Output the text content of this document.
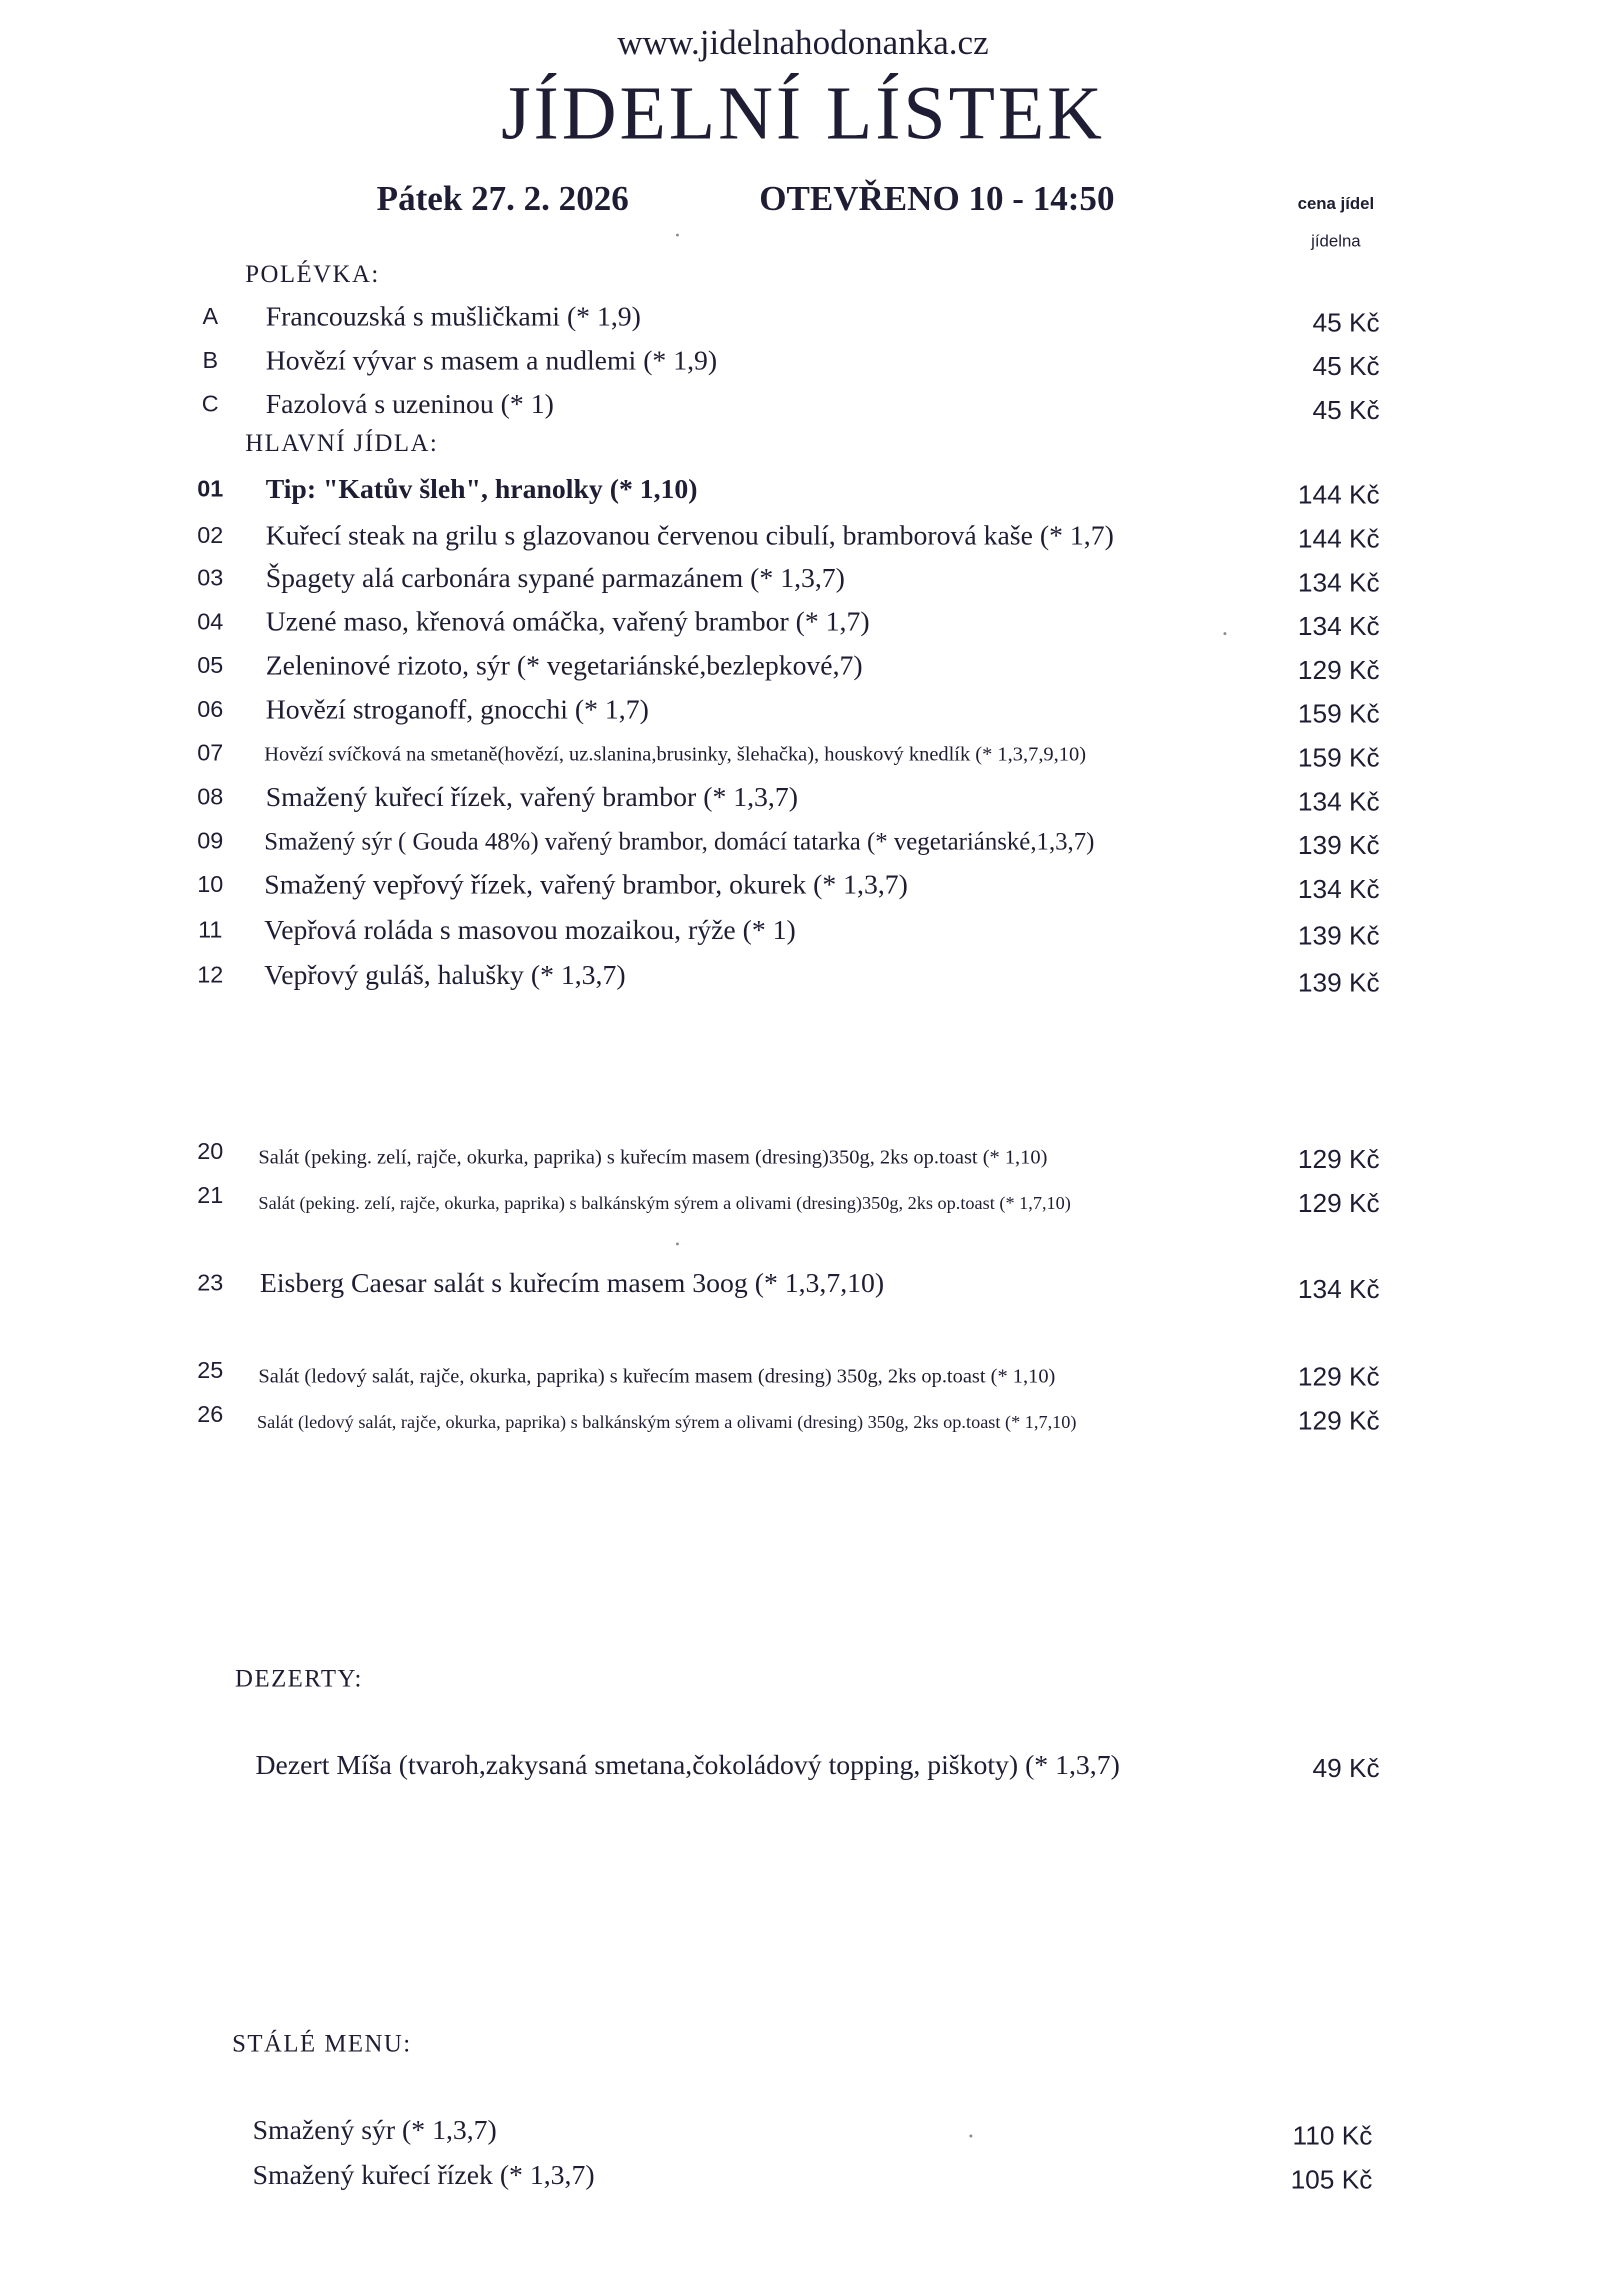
www.jidelnahodonanka.cz
JÍDELNÍ LÍSTEK
Pátek 27. 2. 2026	OTEVŘENO 10 - 14:50	cena jídel
jídelna
POLÉVKA:
A	Francouzská s mušličkami (* 1,9)	45 Kč
B	Hovězí vývar s masem a nudlemi (* 1,9)	45 Kč
C	Fazolová s uzeninou (* 1)	45 Kč
HLAVNÍ JÍDLA:
01	Tip: "Katův šleh", hranolky (* 1,10)	144 Kč
02	Kuřecí steak na grilu s glazovanou červenou cibulí, bramborová kaše (* 1,7)	144 Kč
03	Špagety alá carbonára sypané parmazánem (* 1,3,7)	134 Kč
04	Uzené maso, křenová omáčka, vařený brambor (* 1,7)	134 Kč
05	Zeleninové rizoto, sýr (* vegetariánské,bezlepkové,7)	129 Kč
06	Hovězí stroganoff, gnocchi (* 1,7)	159 Kč
07	Hovězí svíčková na smetaně(hovězí, uz.slanina,brusinky, šlehačka), houskový knedlík (* 1,3,7,9,10)	159 Kč
08	Smažený kuřecí řízek, vařený brambor (* 1,3,7)	134 Kč
09	Smažený sýr ( Gouda 48%) vařený brambor, domácí tatarka (* vegetariánské,1,3,7)	139 Kč
10	Smažený vepřový řízek, vařený brambor, okurek (* 1,3,7)	134 Kč
11	Vepřová roláda s masovou mozaikou, rýže (* 1)	139 Kč
12	Vepřový guláš, halušky (* 1,3,7)	139 Kč
20	Salát (peking. zelí, rajče, okurka, paprika) s kuřecím masem (dresing)350g, 2ks op.toast (* 1,10)	129 Kč
21	Salát (peking. zelí, rajče, okurka, paprika) s balkánským sýrem a olivami (dresing)350g, 2ks op.toast (* 1,7,10)	129 Kč
23	Eisberg Caesar salát s kuřecím masem 3oog (* 1,3,7,10)	134 Kč
25	Salát (ledový salát, rajče, okurka, paprika) s kuřecím masem (dresing) 350g, 2ks op.toast (* 1,10)	129 Kč
26	Salát (ledový salát, rajče, okurka, paprika) s balkánským sýrem a olivami (dresing) 350g, 2ks op.toast (* 1,7,10)	129 Kč
DEZERTY:
Dezert Míša (tvaroh,zakysaná smetana,čokoládový topping, piškoty) (* 1,3,7)	49 Kč
STÁLÉ MENU:
Smažený sýr (* 1,3,7)	110 Kč
Smažený kuřecí řízek (* 1,3,7)	105 Kč
